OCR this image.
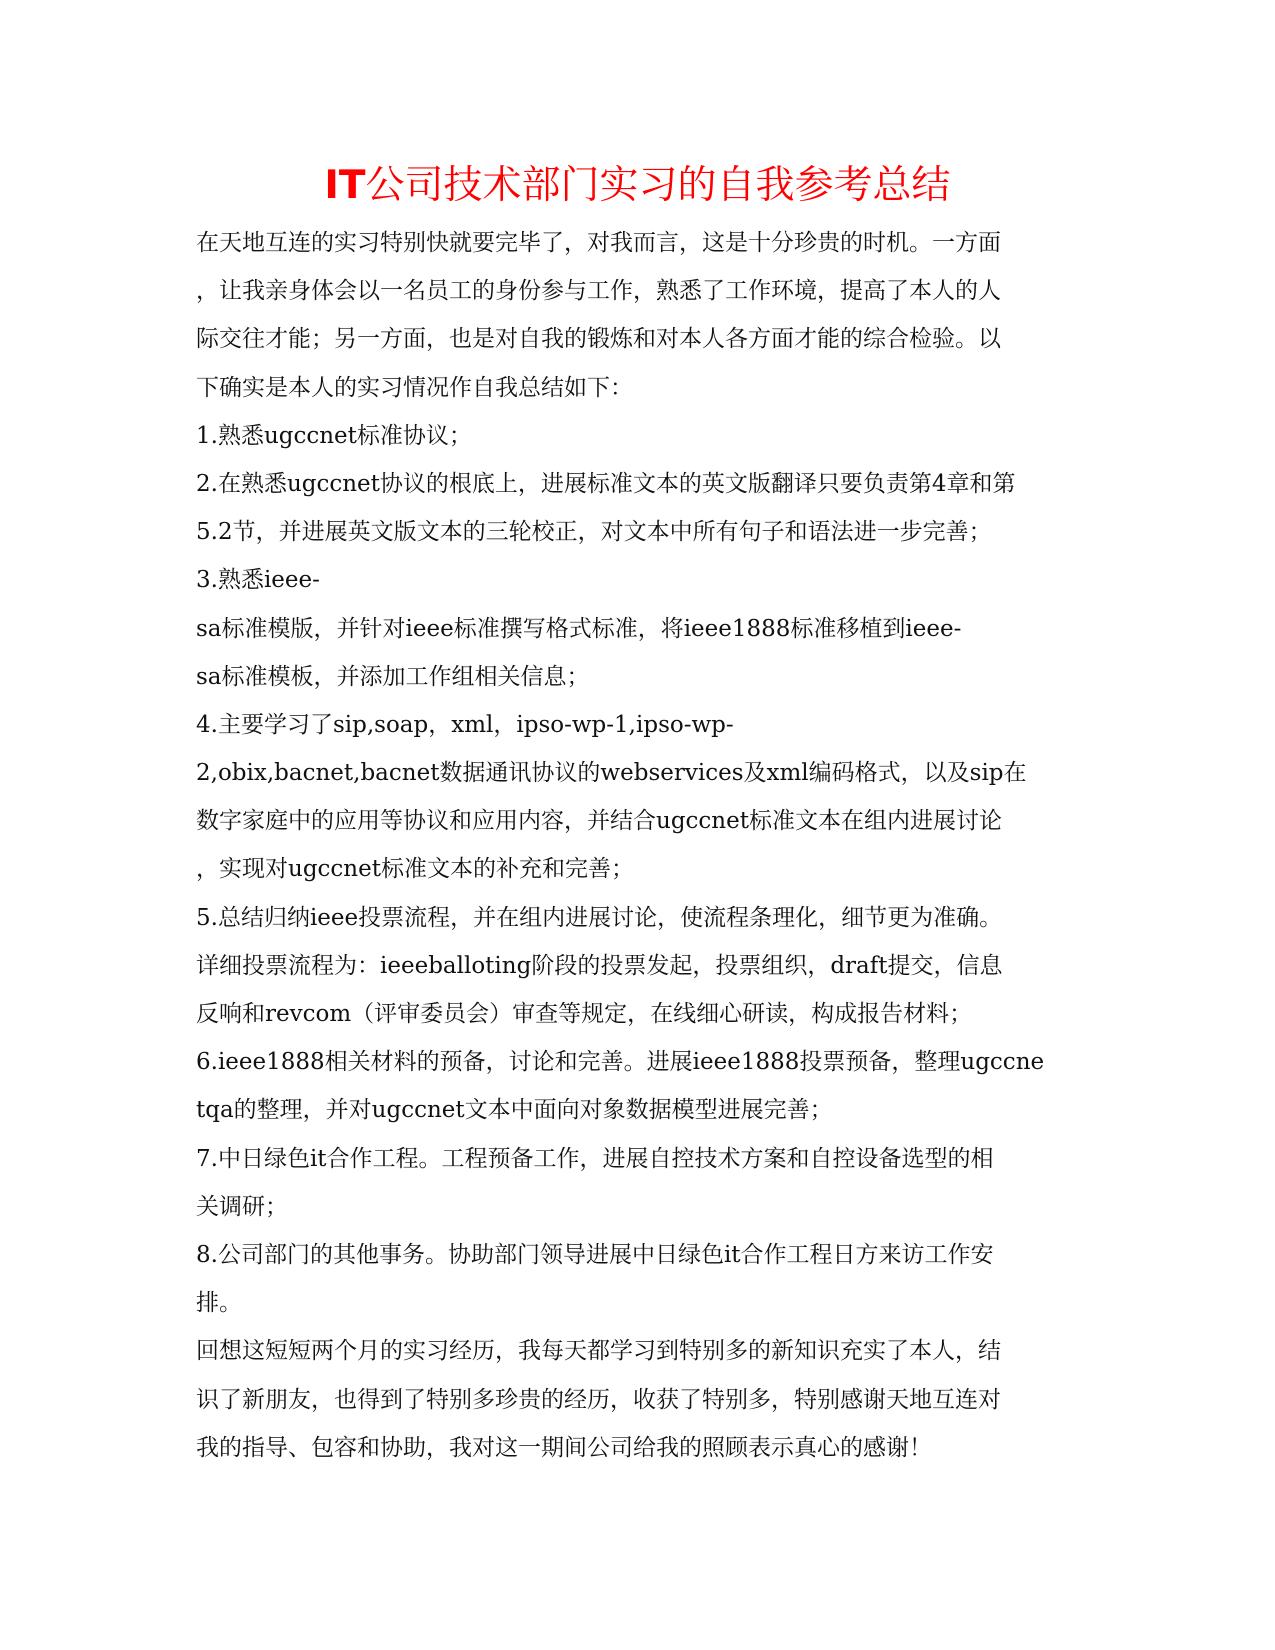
IT公司技术部门实习的自我参考总结
在天地互连的实习特别快就要完毕了，对我而言，这是十分珍贵的时机。一方面
，让我亲身体会以一名员工的身份参与工作，熟悉了工作环境，提高了本人的人
际交往才能；另一方面，也是对自我的锻炼和对本人各方面才能的综合检验。以
下确实是本人的实习情况作自我总结如下：
1.熟悉ugccnet标准协议；
2.在熟悉ugccnet协议的根底上，进展标准文本的英文版翻译只要负责第4章和第
5.2节，并进展英文版文本的三轮校正，对文本中所有句子和语法进一步完善；
3.熟悉ieee-
sa标准模版，并针对ieee标准撰写格式标准，将ieee1888标准移植到ieee-
sa标准模板，并添加工作组相关信息；
4.主要学习了sip,soap，xml，ipso-wp-1,ipso-wp-
2,obix,bacnet,bacnet数据通讯协议的webservices及xml编码格式，以及sip在
数字家庭中的应用等协议和应用内容，并结合ugccnet标准文本在组内进展讨论
，实现对ugccnet标准文本的补充和完善；
5.总结归纳ieee投票流程，并在组内进展讨论，使流程条理化，细节更为准确。
详细投票流程为：ieeeballoting阶段的投票发起，投票组织，draft提交，信息
反响和revcom（评审委员会）审查等规定，在线细心研读，构成报告材料；
6.ieee1888相关材料的预备，讨论和完善。进展ieee1888投票预备，整理ugccne
tqa的整理，并对ugccnet文本中面向对象数据模型进展完善；
7.中日绿色it合作工程。工程预备工作，进展自控技术方案和自控设备选型的相
关调研；
8.公司部门的其他事务。协助部门领导进展中日绿色it合作工程日方来访工作安
排。
回想这短短两个月的实习经历，我每天都学习到特别多的新知识充实了本人，结
识了新朋友，也得到了特别多珍贵的经历，收获了特别多，特别感谢天地互连对
我的指导、包容和协助，我对这一期间公司给我的照顾表示真心的感谢！
